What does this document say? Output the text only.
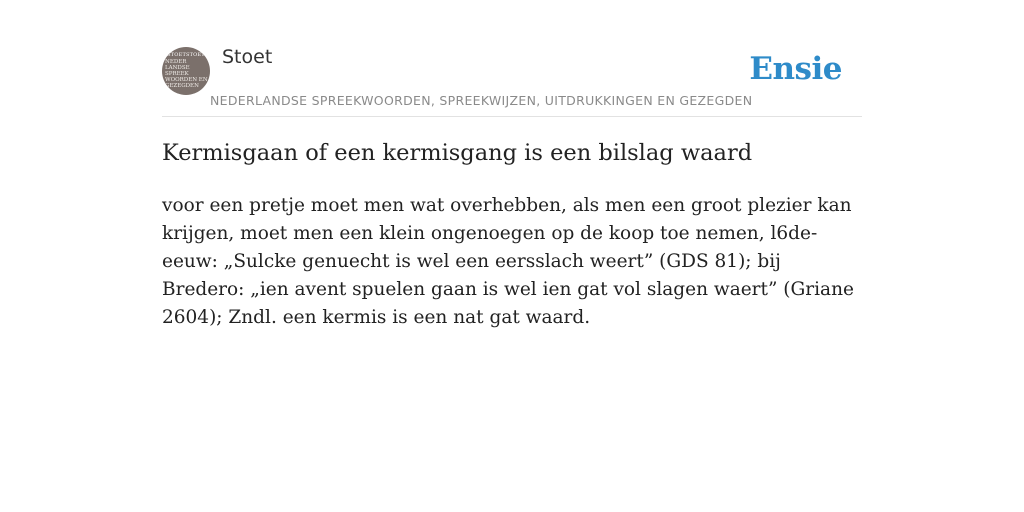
STOETSTOET
NEDER
LANDSE
SPREEK
WOORDEN EN
GEZEGDEN
Stoet	Ensie
NEDERLANDSE SPREEKWOORDEN, SPREEKWIJZEN, UITDRUKKINGEN EN GEZEGDEN
Kermisgaan of een kermisgang is een bilslag waard

voor een pretje moet men wat overhebben, als men een groot plezier kan krijgen, moet men een klein ongenoegen op de koop toe nemen, l6de-eeuw: „Sulcke genuecht is wel een eersslach weert” (GDS 81); bij Bredero: „ien avent spuelen gaan is wel ien gat vol slagen waert” (Griane 2604); Zndl. een kermis is een nat gat waard.
